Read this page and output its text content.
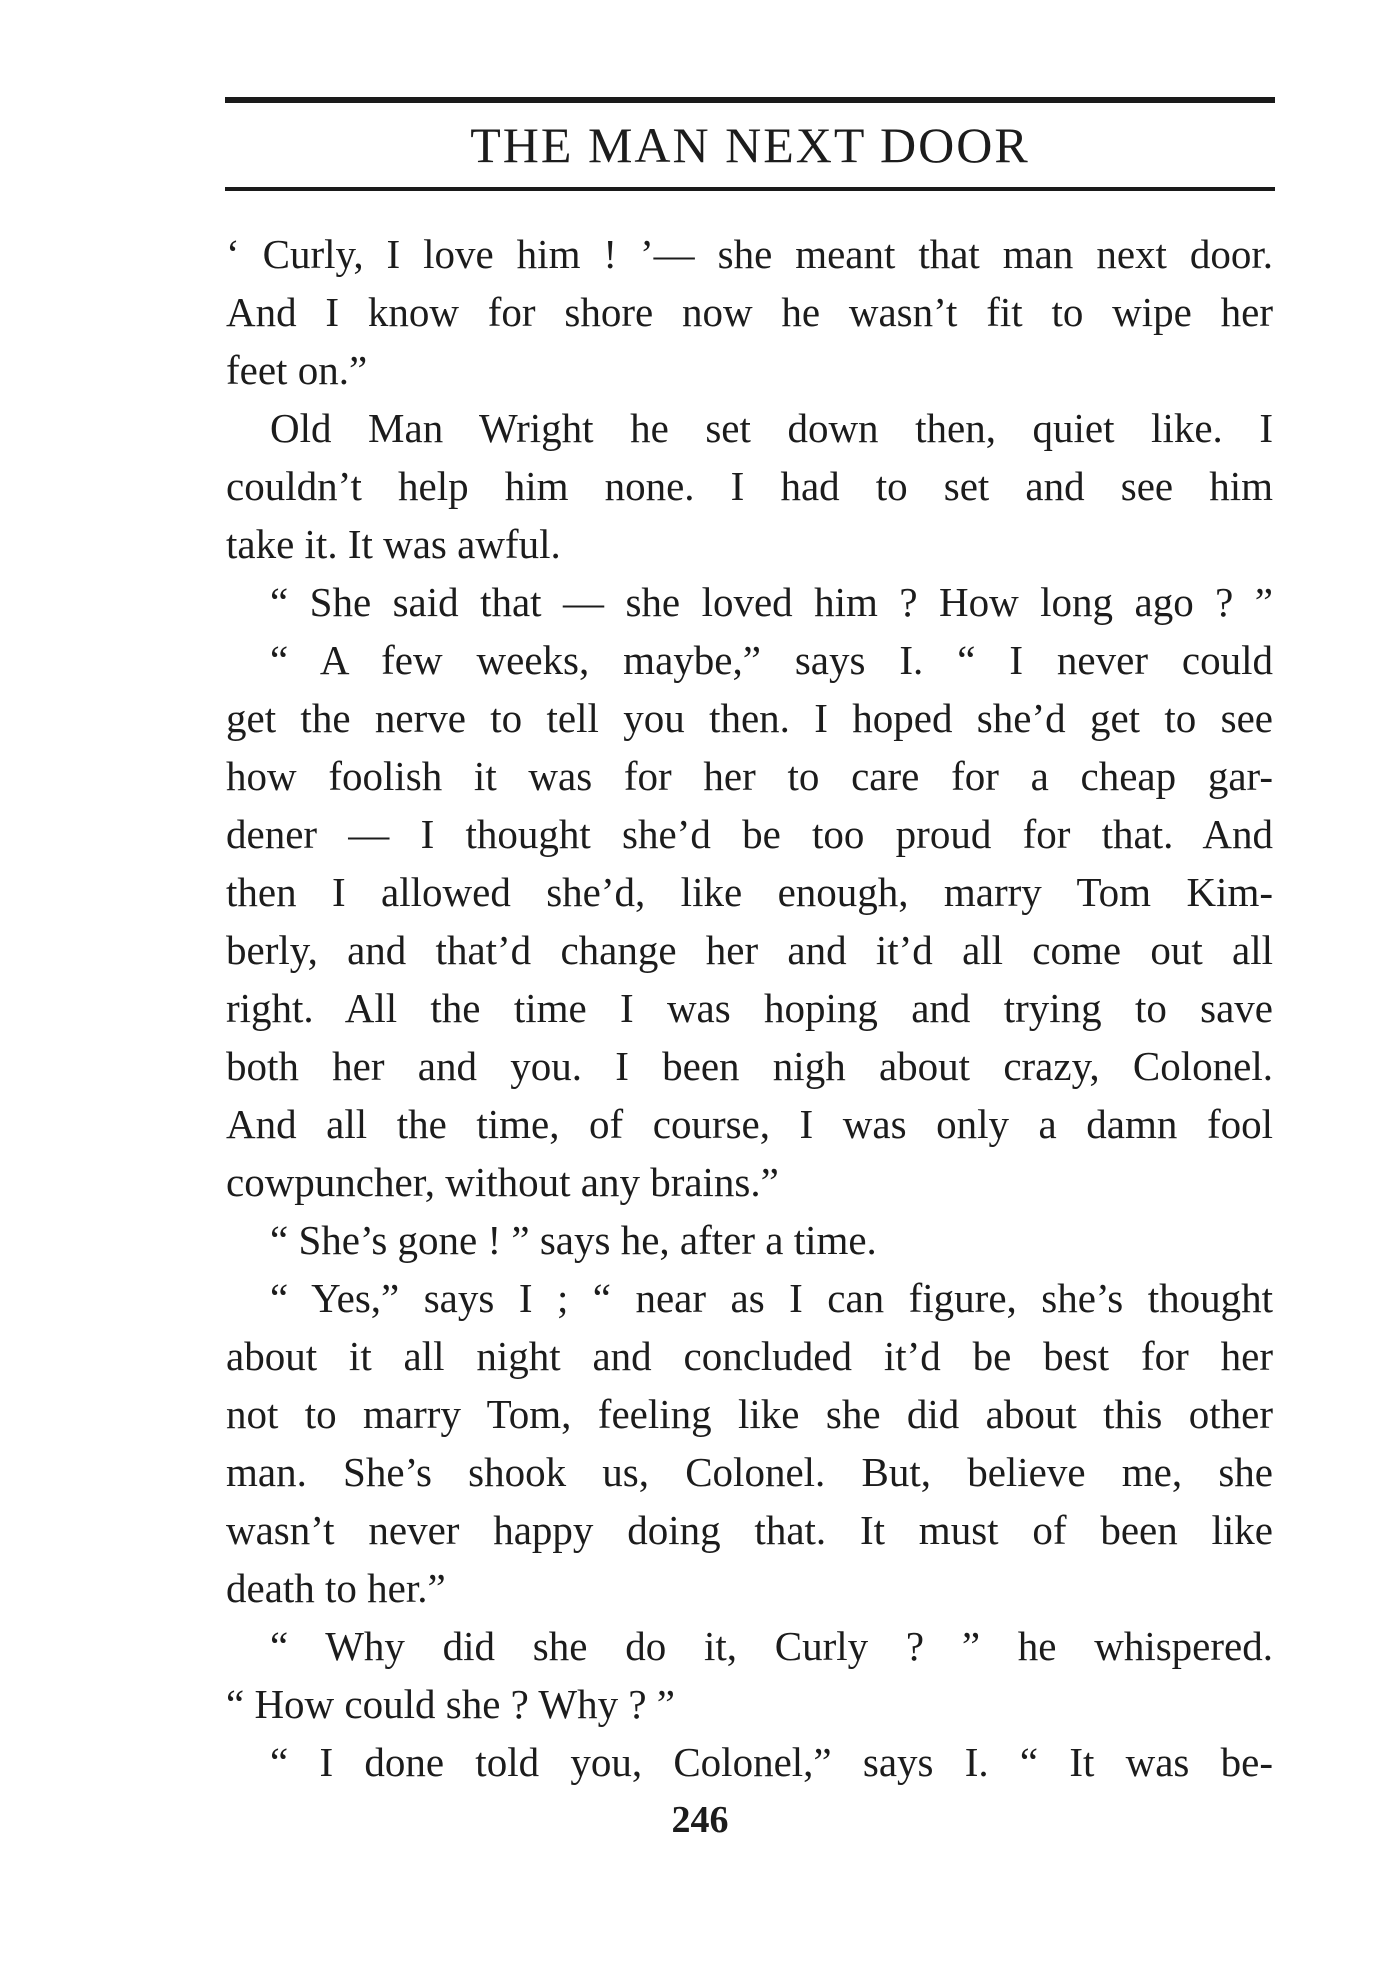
THE MAN NEXT DOOR
‘ Curly, I love him ! ’— she meant that man next door.
And I know for shore now he wasn’t fit to wipe her
feet on.”
Old Man Wright he set down then, quiet like. I
couldn’t help him none. I had to set and see him
take it. It was awful.
“ She said that — she loved him ? How long ago ? ”
“ A few weeks, maybe,” says I. “ I never could
get the nerve to tell you then. I hoped she’d get to see
how foolish it was for her to care for a cheap gar-
dener — I thought she’d be too proud for that. And
then I allowed she’d, like enough, marry Tom Kim-
berly, and that’d change her and it’d all come out all
right. All the time I was hoping and trying to save
both her and you. I been nigh about crazy, Colonel.
And all the time, of course, I was only a damn fool
cowpuncher, without any brains.”
“ She’s gone ! ” says he, after a time.
“ Yes,” says I ; “ near as I can figure, she’s thought
about it all night and concluded it’d be best for her
not to marry Tom, feeling like she did about this other
man. She’s shook us, Colonel. But, believe me, she
wasn’t never happy doing that. It must of been like
death to her.”
“ Why did she do it, Curly ? ” he whispered.
“ How could she ? Why ? ”
“ I done told you, Colonel,” says I. “ It was be-
246
